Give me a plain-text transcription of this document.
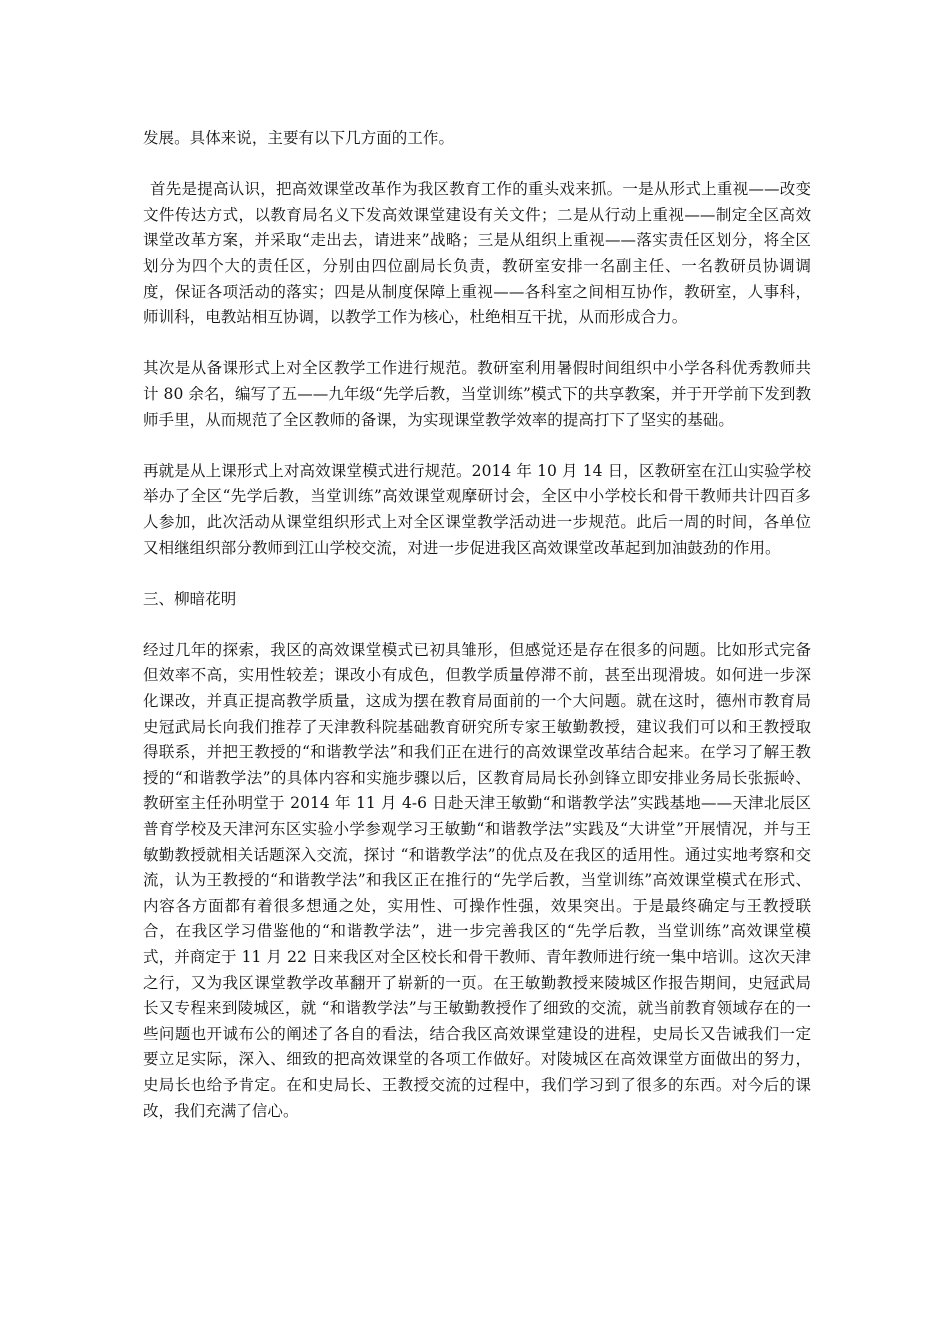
发展。具体来说，主要有以下几方面的工作。

首先是提高认识，把高效课堂改革作为我区教育工作的重头戏来抓。一是从形式上重视——改变文件传达方式，以教育局名义下发高效课堂建设有关文件；二是从行动上重视——制定全区高效课堂改革方案，并采取“走出去，请进来”战略；三是从组织上重视——落实责任区划分，将全区划分为四个大的责任区，分别由四位副局长负责，教研室安排一名副主任、一名教研员协调调度，保证各项活动的落实；四是从制度保障上重视——各科室之间相互协作，教研室，人事科，师训科，电教站相互协调，以教学工作为核心，杜绝相互干扰，从而形成合力。

其次是从备课形式上对全区教学工作进行规范。教研室利用暑假时间组织中小学各科优秀教师共计 80 余名，编写了五——九年级“先学后教，当堂训练”模式下的共享教案，并于开学前下发到教师手里，从而规范了全区教师的备课，为实现课堂教学效率的提高打下了坚实的基础。

再就是从上课形式上对高效课堂模式进行规范。2014 年 10 月 14 日，区教研室在江山实验学校举办了全区“先学后教，当堂训练”高效课堂观摩研讨会，全区中小学校长和骨干教师共计四百多人参加，此次活动从课堂组织形式上对全区课堂教学活动进一步规范。此后一周的时间，各单位又相继组织部分教师到江山学校交流，对进一步促进我区高效课堂改革起到加油鼓劲的作用。

三、柳暗花明

经过几年的探索，我区的高效课堂模式已初具雏形，但感觉还是存在很多的问题。比如形式完备但效率不高，实用性较差；课改小有成色，但教学质量停滞不前，甚至出现滑坡。如何进一步深化课改，并真正提高教学质量，这成为摆在教育局面前的一个大问题。就在这时，德州市教育局史冠武局长向我们推荐了天津教科院基础教育研究所专家王敏勤教授，建议我们可以和王教授取得联系，并把王教授的“和谐教学法”和我们正在进行的高效课堂改革结合起来。在学习了解王教授的“和谐教学法”的具体内容和实施步骤以后，区教育局局长孙剑锋立即安排业务局长张振岭、教研室主任孙明堂于 2014 年 11 月 4-6 日赴天津王敏勤“和谐教学法”实践基地——天津北辰区普育学校及天津河东区实验小学参观学习王敏勤“和谐教学法”实践及“大讲堂”开展情况，并与王敏勤教授就相关话题深入交流，探讨 “和谐教学法”的优点及在我区的适用性。通过实地考察和交流，认为王教授的“和谐教学法”和我区正在推行的“先学后教，当堂训练”高效课堂模式在形式、内容各方面都有着很多想通之处，实用性、可操作性强，效果突出。于是最终确定与王教授联合，在我区学习借鉴他的“和谐教学法”，进一步完善我区的“先学后教，当堂训练”高效课堂模式，并商定于 11 月 22 日来我区对全区校长和骨干教师、青年教师进行统一集中培训。这次天津之行，又为我区课堂教学改革翻开了崭新的一页。在王敏勤教授来陵城区作报告期间，史冠武局长又专程来到陵城区，就 “和谐教学法”与王敏勤教授作了细致的交流，就当前教育领域存在的一些问题也开诚布公的阐述了各自的看法，结合我区高效课堂建设的进程，史局长又告诫我们一定要立足实际，深入、细致的把高效课堂的各项工作做好。对陵城区在高效课堂方面做出的努力，史局长也给予肯定。在和史局长、王教授交流的过程中，我们学习到了很多的东西。对今后的课改，我们充满了信心。
